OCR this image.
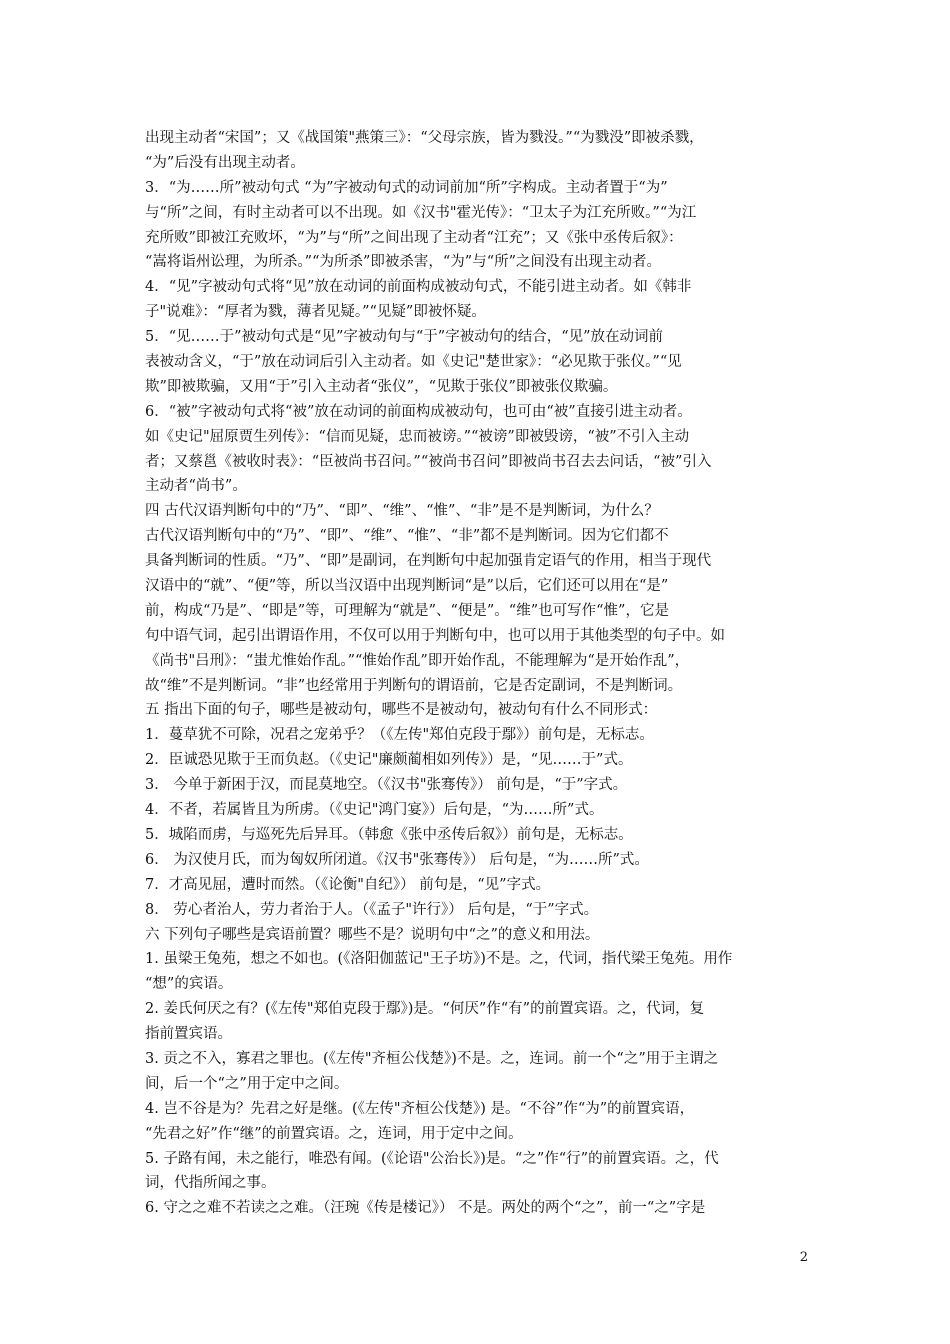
出现主动者“宋国”；又《战国策"燕策三》：“父母宗族，皆为戮没。”“为戮没”即被杀戮，
“为”后没有出现主动者。
3．“为……所”被动句式 “为”字被动句式的动词前加“所”字构成。主动者置于“为”
与“所”之间，有时主动者可以不出现。如《汉书"霍光传》：“卫太子为江充所败。”“为江
充所败”即被江充败坏，“为”与“所”之间出现了主动者“江充”；又《张中丞传后叙》：
“嵩将诣州讼理，为所杀。”“为所杀”即被杀害，“为”与“所”之间没有出现主动者。
4．“见”字被动句式将“见”放在动词的前面构成被动句式，不能引进主动者。如《韩非
子"说难》：“厚者为戮，薄者见疑。”“见疑”即被怀疑。
5．“见……于”被动句式是“见”字被动句与“于”字被动句的结合，“见”放在动词前
表被动含义，“于”放在动词后引入主动者。如《史记"楚世家》：“必见欺于张仪。”“见
欺”即被欺骗，又用“于”引入主动者“张仪”，“见欺于张仪”即被张仪欺骗。
6．“被”字被动句式将“被”放在动词的前面构成被动句，也可由“被”直接引进主动者。
如《史记"屈原贾生列传》：“信而见疑，忠而被谤。”“被谤”即被毁谤，“被”不引入主动
者；又蔡邕《被收时表》：“臣被尚书召问。”“被尚书召问”即被尚书召去去问话，“被”引入
主动者“尚书”。
四 古代汉语判断句中的“乃”、“即”、“维”、“惟”、“非”是不是判断词，为什么？
古代汉语判断句中的“乃”、“即”、“维”、“惟”、“非”都不是判断词。因为它们都不
具备判断词的性质。“乃”、“即”是副词，在判断句中起加强肯定语气的作用，相当于现代
汉语中的“就”、“便”等，所以当汉语中出现判断词“是”以后，它们还可以用在“是”
前，构成“乃是”、“即是”等，可理解为“就是”、“便是”。“维”也可写作“惟”，它是
句中语气词，起引出谓语作用，不仅可以用于判断句中，也可以用于其他类型的句子中。如
《尚书"吕刑》：“蚩尤惟始作乱。”“惟始作乱”即开始作乱，不能理解为“是开始作乱”，
故“维”不是判断词。“非”也经常用于判断句的谓语前，它是否定副词，不是判断词。
五 指出下面的句子，哪些是被动句，哪些不是被动句，被动句有什么不同形式：
1．蔓草犹不可除，况君之宠弟乎？（《左传"郑伯克段于鄢》）前句是，无标志。
2．臣诚恐见欺于王而负赵。（《史记"廉颇蔺相如列传》）是，“见……于”式。
3． 今单于新困于汉，而昆莫地空。（《汉书"张骞传》） 前句是，“于”字式。
4．不者，若属皆且为所虏。（《史记"鸿门宴》）后句是，“为……所”式。
5．城陷而虏，与巡死先后异耳。（韩愈《张中丞传后叙》）前句是，无标志。
6． 为汉使月氏，而为匈奴所闭道。《汉书"张骞传》） 后句是，“为……所”式。
7．才高见屈，遭时而然。（《论衡"自纪》） 前句是，“见”字式。
8． 劳心者治人，劳力者治于人。（《孟子"许行》） 后句是，“于”字式。
六 下列句子哪些是宾语前置？哪些不是？说明句中“之”的意义和用法。
1. 虽梁王兔苑，想之不如也。(《洛阳伽蓝记"王子坊》)不是。之，代词，指代梁王兔苑。用作
“想”的宾语。
2. 姜氏何厌之有？(《左传"郑伯克段于鄢》)是。“何厌”作“有”的前置宾语。之，代词，复
指前置宾语。
3. 贡之不入，寡君之罪也。(《左传"齐桓公伐楚》)不是。之，连词。前一个“之”用于主谓之
间，后一个“之”用于定中之间。
4. 岂不谷是为？先君之好是继。(《左传"齐桓公伐楚》) 是。“不谷”作“为”的前置宾语，
“先君之好”作“继”的前置宾语。之，连词，用于定中之间。
5. 子路有闻，未之能行，唯恐有闻。(《论语"公治长》)是。“之”作“行”的前置宾语。之，代
词，代指所闻之事。
6. 守之之难不若读之之难。（汪琬《传是楼记》） 不是。两处的两个“之”，前一“之”字是
2
